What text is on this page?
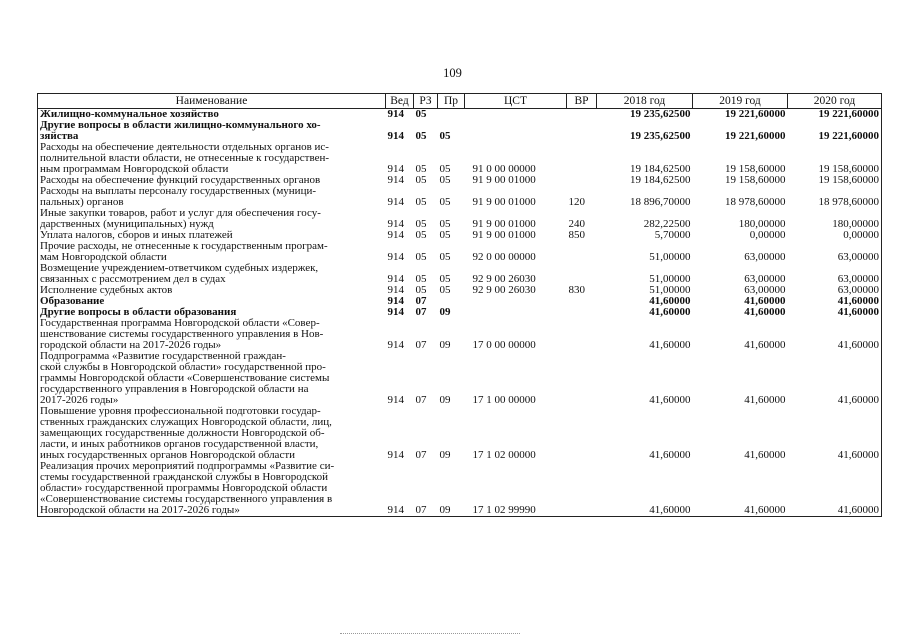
109
Наименование	Вед	РЗ	Пр	ЦСТ	ВР	2018 год	2019 год	2020 год
Жилищно-коммунальное хозяйство	914	05				19 235,62500	19 221,60000	19 221,60000
Другие вопросы в области жилищно-коммунального хо-
зяйства	914	05	05			19 235,62500	19 221,60000	19 221,60000
Расходы на обеспечение деятельности отдельных органов ис-
полнительной власти области, не отнесенные к государствен-
ным программам Новгородской области	914	05	05	91 0 00 00000		19 184,62500	19 158,60000	19 158,60000
Расходы на обеспечение функций государственных органов	914	05	05	91 9 00 01000		19 184,62500	19 158,60000	19 158,60000
Расходы на выплаты персоналу государственных (муници-
пальных) органов	914	05	05	91 9 00 01000	120	18 896,70000	18 978,60000	18 978,60000
Иные закупки товаров, работ и услуг для обеспечения госу-
дарственных (муниципальных) нужд	914	05	05	91 9 00 01000	240	282,22500	180,00000	180,00000
Уплата налогов, сборов и иных платежей	914	05	05	91 9 00 01000	850	5,70000	0,00000	0,00000
Прочие расходы, не отнесенные к государственным програм-
мам Новгородской области	914	05	05	92 0 00 00000		51,00000	63,00000	63,00000
Возмещение учреждением-ответчиком судебных издержек,
связанных с рассмотрением дел в судах	914	05	05	92 9 00 26030		51,00000	63,00000	63,00000
Исполнение судебных актов	914	05	05	92 9 00 26030	830	51,00000	63,00000	63,00000
Образование	914	07				41,60000	41,60000	41,60000
Другие вопросы в области образования	914	07	09			41,60000	41,60000	41,60000
Государственная программа Новгородской области «Совер-
шенствование системы государственного управления в Нов-
городской области на 2017-2026 годы»	914	07	09	17 0 00 00000		41,60000	41,60000	41,60000
Подпрограмма «Развитие государственной граждан-
ской службы в Новгородской области» государственной про-
граммы Новгородской области «Совершенствование системы
государственного управления в Новгородской области на
2017-2026 годы»	914	07	09	17 1 00 00000		41,60000	41,60000	41,60000
Повышение уровня профессиональной подготовки государ-
ственных гражданских служащих Новгородской области, лиц,
замещающих государственные должности Новгородской об-
ласти, и иных работников органов государственной власти,
иных государственных органов Новгородской области	914	07	09	17 1 02 00000		41,60000	41,60000	41,60000
Реализация прочих мероприятий подпрограммы «Развитие си-
стемы государственной гражданской службы в Новгородской
области» государственной программы Новгородской области
«Совершенствование системы государственного управления в
Новгородской области на 2017-2026 годы»	914	07	09	17 1 02 99990		41,60000	41,60000	41,60000
